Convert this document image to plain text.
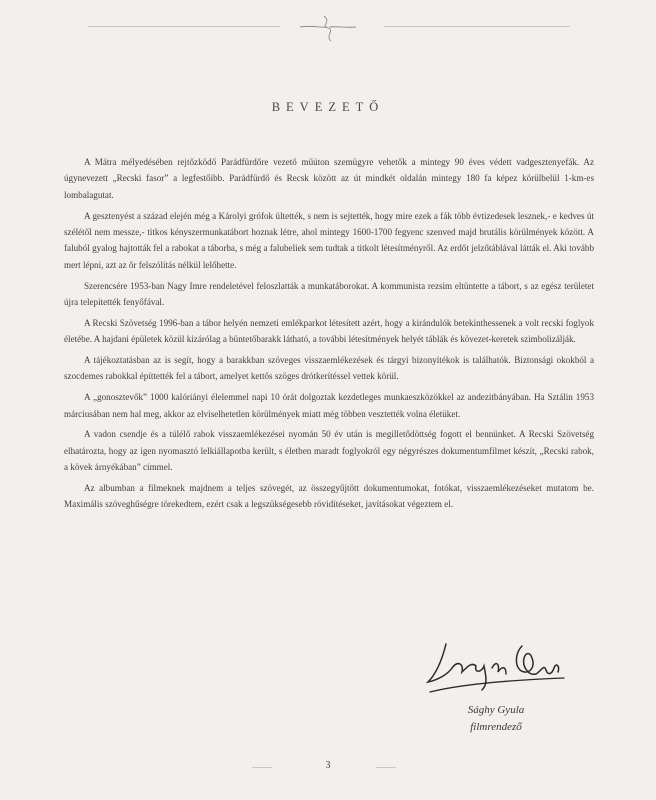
BEVEZETŐ

A Mátra mélyedésében rejtőzködő Parádfürdőre vezető műúton szemügyre vehetők a mintegy 90 éves védett vadgesztenyefák. Az úgynevezett „Recski fasor” a legfestőibb. Parádfürdő és Recsk között az út mindkét oldalán mintegy 180 fa képez körülbelül 1-km-es lombalagutat.

A gesztenyést a század elején még a Károlyi grófok ültették, s nem is sejtették, hogy mire ezek a fák több évtizedesek lesznek,- e kedves út szélétől nem messze,- titkos kényszermunkatábort hoznak létre, ahol mintegy 1600-1700 fegyenc szenved majd brutális körülmények között. A faluból gyalog hajtották fel a rabokat a táborba, s még a falubeliek sem tudtak a titkolt létesítményről. Az erdőt jelzőtáblával látták el. Aki tovább mert lépni, azt az őr felszólítás nélkül lelőhette.

Szerencsére 1953-ban Nagy Imre rendeletével feloszlatták a munkatáborokat. A kommunista rezsim eltüntette a tábort, s az egész területet újra telepítették fenyőfával.

A Recski Szövetség 1996-ban a tábor helyén nemzeti emlékparkot létesített azért, hogy a kirándulók betekinthessenek a volt recski foglyok életébe. A hajdani épületek közül kizárólag a büntetőbarakk látható, a további létesítmények helyét táblák és kövezet-keretek szimbolizálják.

A tájékoztatásban az is segít, hogy a barakkban szöveges visszaemlékezések és tárgyi bizonyítékok is találhatók. Biztonsági okokból a szocdemes rabokkal építtették fel a tábort, amelyet kettős szöges drótkerítéssel vettek körül.

A „gonosztevők” 1000 kalóriányi élelemmel napi 10 órát dolgoztak kezdetleges munkaeszközökkel az andezitbányában. Ha Sztálin 1953 márciusában nem hal meg, akkor az elviselhetetlen körülmények miatt még többen vesztették volna életüket.

A vadon csendje és a túlélő rabok visszaemlékezései nyomán 50 év után is megilletődöttség fogott el bennünket. A Recski Szövetség elhatározta, hogy az igen nyomasztó lelkiállapotba került, s életben maradt foglyokról egy négyrészes dokumentumfilmet készít, „Recski rabok, a kövek árnyékában” címmel.

Az albumban a filmeknek majdnem a teljes szövegét, az összegyűjtött dokumentumokat, fotókat, visszaemlékezéseket mutatom be. Maximális szöveghűségre törekedtem, ezért csak a legszükségesebb rövidítéseket, javításokat végeztem el.

Sághy Gyula
filmrendező
3
